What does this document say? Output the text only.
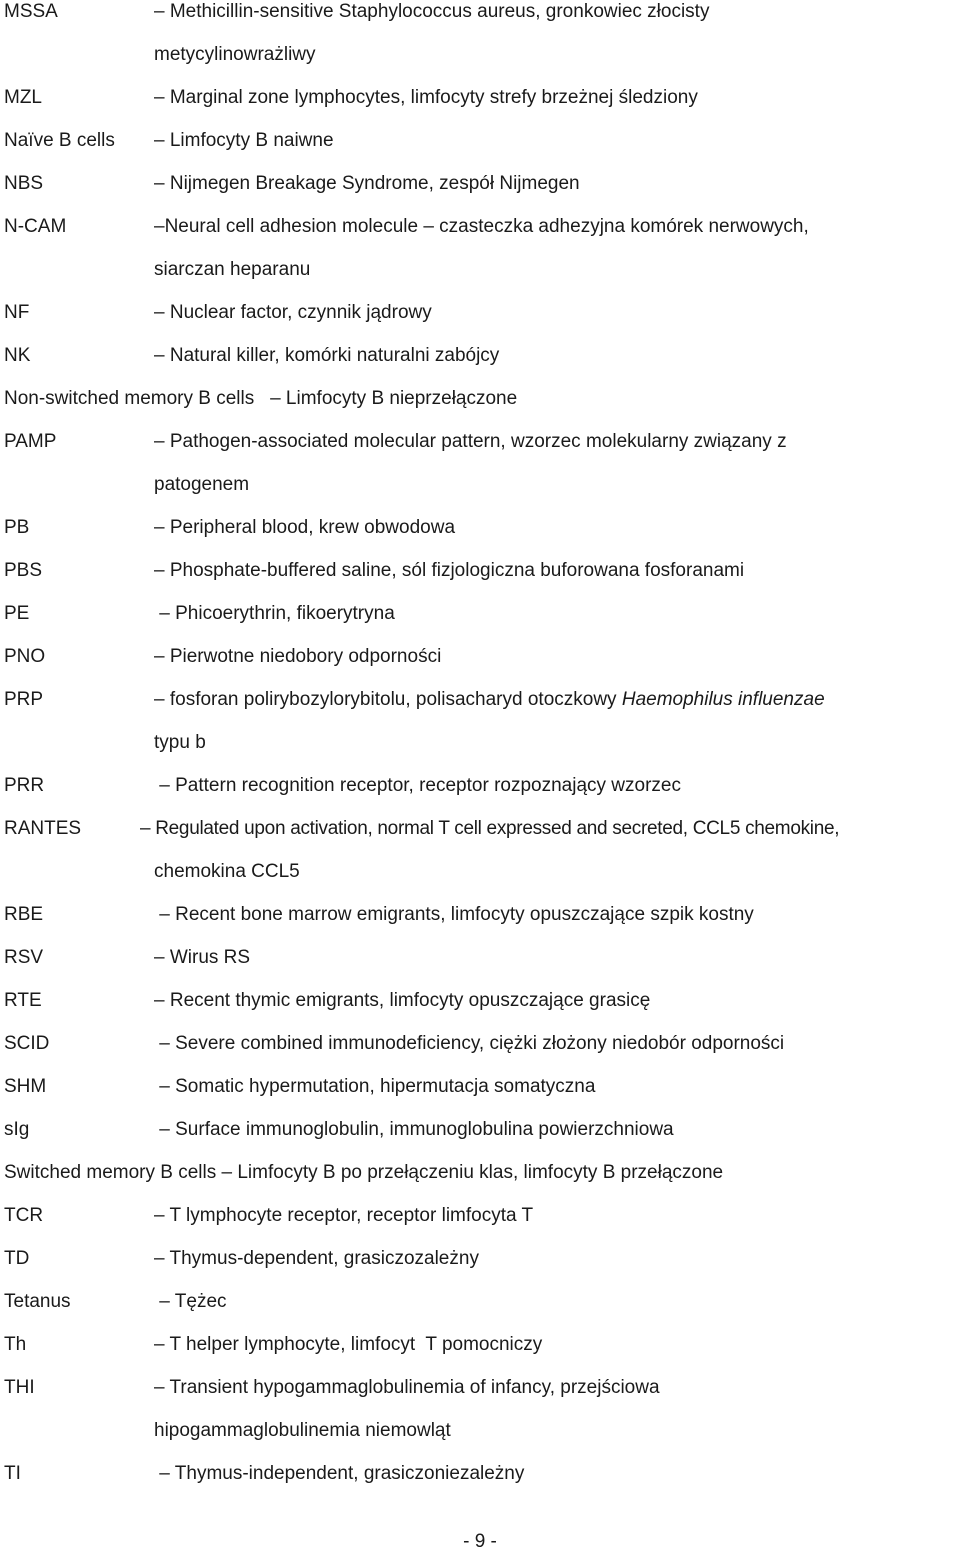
MSSA	– Methicillin-sensitive Staphylococcus aureus, gronkowiec złocisty
metycylinowrażliwy
MZL	– Marginal zone lymphocytes, limfocyty strefy brzeżnej śledziony
Naïve B cells – Limfocyty B naiwne
NBS	– Nijmegen Breakage Syndrome, zespół Nijmegen
N-CAM	–Neural cell adhesion molecule – czasteczka adhezyjna komórek nerwowych,
siarczan heparanu
NF	– Nuclear factor, czynnik jądrowy
NK	– Natural killer, komórki naturalni zabójcy
Non-switched memory B cells   – Limfocyty B nieprzełączone
PAMP	– Pathogen-associated molecular pattern, wzorzec molekularny związany z
patogenem
PB	– Peripheral blood, krew obwodowa
PBS	– Phosphate-buffered saline, sól fizjologiczna buforowana fosforanami
PE	– Phicoerythrin, fikoerytryna
PNO	– Pierwotne niedobory odporności
PRP	– fosforan polirybozylorybitolu, polisacharyd otoczkowy Haemophilus influenzae
typu b
PRR	– Pattern recognition receptor, receptor rozpoznający wzorzec
RANTES	– Regulated upon activation, normal T cell expressed and secreted, CCL5 chemokine,
chemokina CCL5
RBE	– Recent bone marrow emigrants, limfocyty opuszczające szpik kostny
RSV	– Wirus RS
RTE	– Recent thymic emigrants, limfocyty opuszczające grasicę
SCID	– Severe combined immunodeficiency, ciężki złożony niedobór odporności
SHM	– Somatic hypermutation, hipermutacja somatyczna
sIg	– Surface immunoglobulin, immunoglobulina powierzchniowa
Switched memory B cells – Limfocyty B po przełączeniu klas, limfocyty B przełączone
TCR	– T lymphocyte receptor, receptor limfocyta T
TD	– Thymus-dependent, grasiczozależny
Tetanus	– Tężec
Th	– T helper lymphocyte, limfocyt  T pomocniczy
THI	– Transient hypogammaglobulinemia of infancy, przejściowa
hipogammaglobulinemia niemowląt
TI	– Thymus-independent, grasiczoniezależny
- 9 -
